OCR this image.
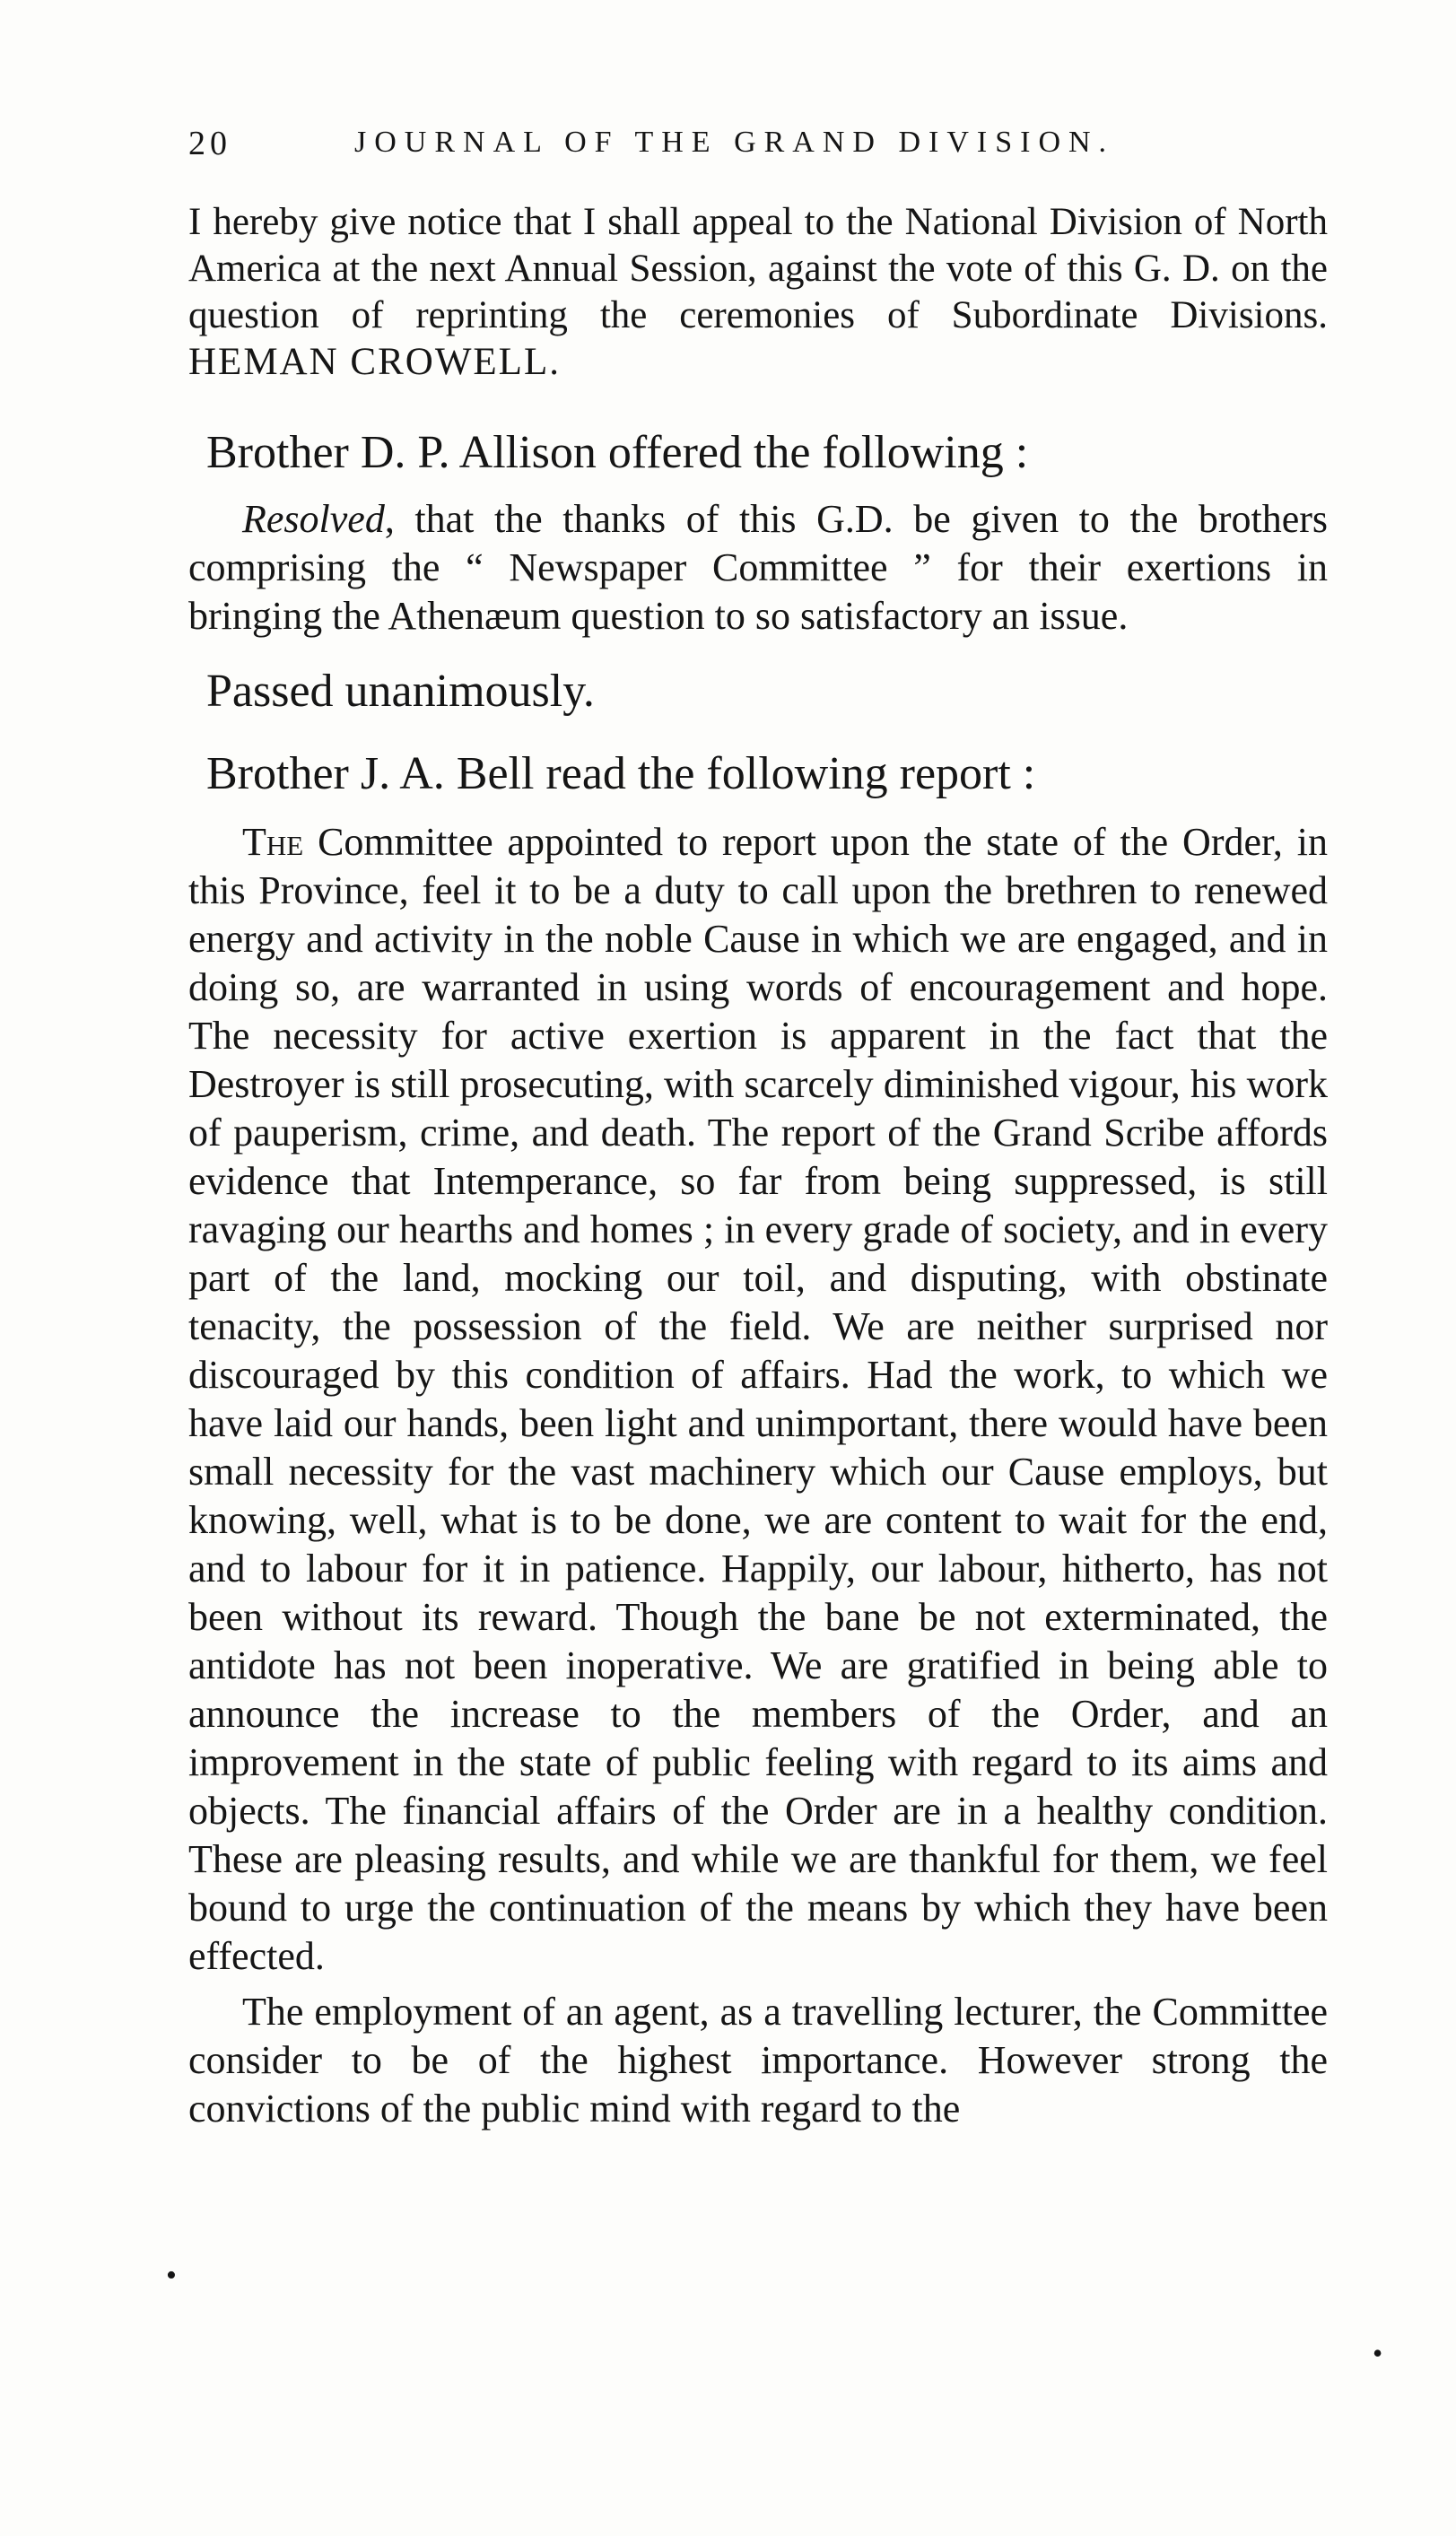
20	JOURNAL OF THE GRAND DIVISION.

I hereby give notice that I shall appeal to the National Division of North America at the next Annual Session, against the vote of this G. D. on the question of reprinting the ceremonies of Subordinate Divisions. HEMAN CROWELL.

Brother D. P. Allison offered the following :

Resolved, that the thanks of this G.D. be given to the brothers comprising the “ Newspaper Committee ” for their exertions in bringing the Athenæum question to so satisfactory an issue.

Passed unanimously.

Brother J. A. Bell read the following report :

The Committee appointed to report upon the state of the Order, in this Province, feel it to be a duty to call upon the brethren to renewed energy and activity in the noble Cause in which we are engaged, and in doing so, are warranted in using words of encouragement and hope. The necessity for active exertion is apparent in the fact that the Destroyer is still prosecuting, with scarcely diminished vigour, his work of pauperism, crime, and death. The report of the Grand Scribe affords evidence that Intemperance, so far from being suppressed, is still ravaging our hearths and homes ; in every grade of society, and in every part of the land, mocking our toil, and disputing, with obstinate tenacity, the possession of the field. We are neither surprised nor discouraged by this condition of affairs. Had the work, to which we have laid our hands, been light and unimportant, there would have been small necessity for the vast machinery which our Cause employs, but knowing, well, what is to be done, we are content to wait for the end, and to labour for it in patience. Happily, our labour, hitherto, has not been without its reward. Though the bane be not exterminated, the antidote has not been inoperative. We are gratified in being able to announce the increase to the members of the Order, and an improvement in the state of public feeling with regard to its aims and objects. The financial affairs of the Order are in a healthy condition. These are pleasing results, and while we are thankful for them, we feel bound to urge the continuation of the means by which they have been effected.

The employment of an agent, as a travelling lecturer, the Committee consider to be of the highest importance. However strong the convictions of the public mind with regard to the

•
•
